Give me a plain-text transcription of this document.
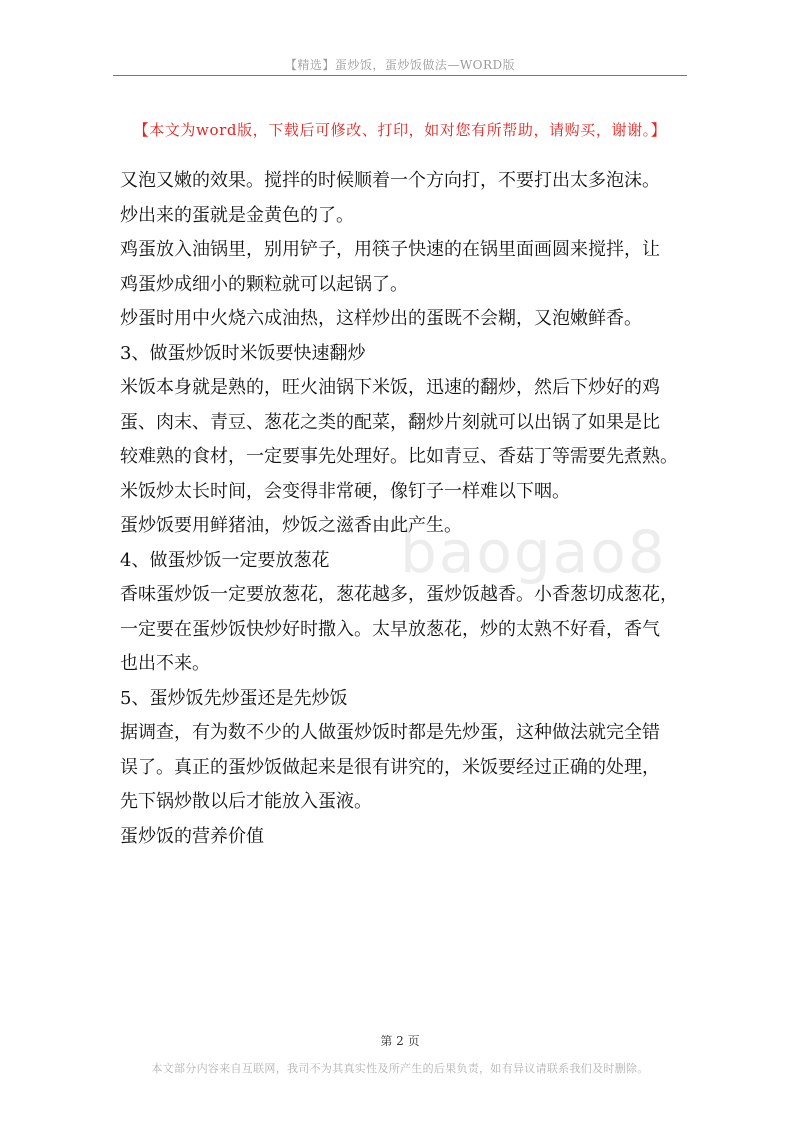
【精选】蛋炒饭，蛋炒饭做法—WORD版
【本文为word版，下载后可修改、打印，如对您有所帮助，请购买，谢谢。】
baogao8
又泡又嫩的效果。搅拌的时候顺着一个方向打，不要打出太多泡沫。
炒出来的蛋就是金黄色的了。
鸡蛋放入油锅里，别用铲子，用筷子快速的在锅里面画圆来搅拌，让
鸡蛋炒成细小的颗粒就可以起锅了。
炒蛋时用中火烧六成油热，这样炒出的蛋既不会糊，又泡嫩鲜香。
3、做蛋炒饭时米饭要快速翻炒
米饭本身就是熟的，旺火油锅下米饭，迅速的翻炒，然后下炒好的鸡
蛋、肉末、青豆、葱花之类的配菜，翻炒片刻就可以出锅了如果是比
较难熟的食材，一定要事先处理好。比如青豆、香菇丁等需要先煮熟。
米饭炒太长时间，会变得非常硬，像钉子一样难以下咽。
蛋炒饭要用鲜猪油，炒饭之滋香由此产生。
4、做蛋炒饭一定要放葱花
香味蛋炒饭一定要放葱花，葱花越多，蛋炒饭越香。小香葱切成葱花，
一定要在蛋炒饭快炒好时撒入。太早放葱花，炒的太熟不好看，香气
也出不来。
5、蛋炒饭先炒蛋还是先炒饭
据调查，有为数不少的人做蛋炒饭时都是先炒蛋，这种做法就完全错
误了。真正的蛋炒饭做起来是很有讲究的，米饭要经过正确的处理，
先下锅炒散以后才能放入蛋液。
蛋炒饭的营养价值
第 2 页
本文部分内容来自互联网，我司不为其真实性及所产生的后果负责，如有异议请联系我们及时删除。
